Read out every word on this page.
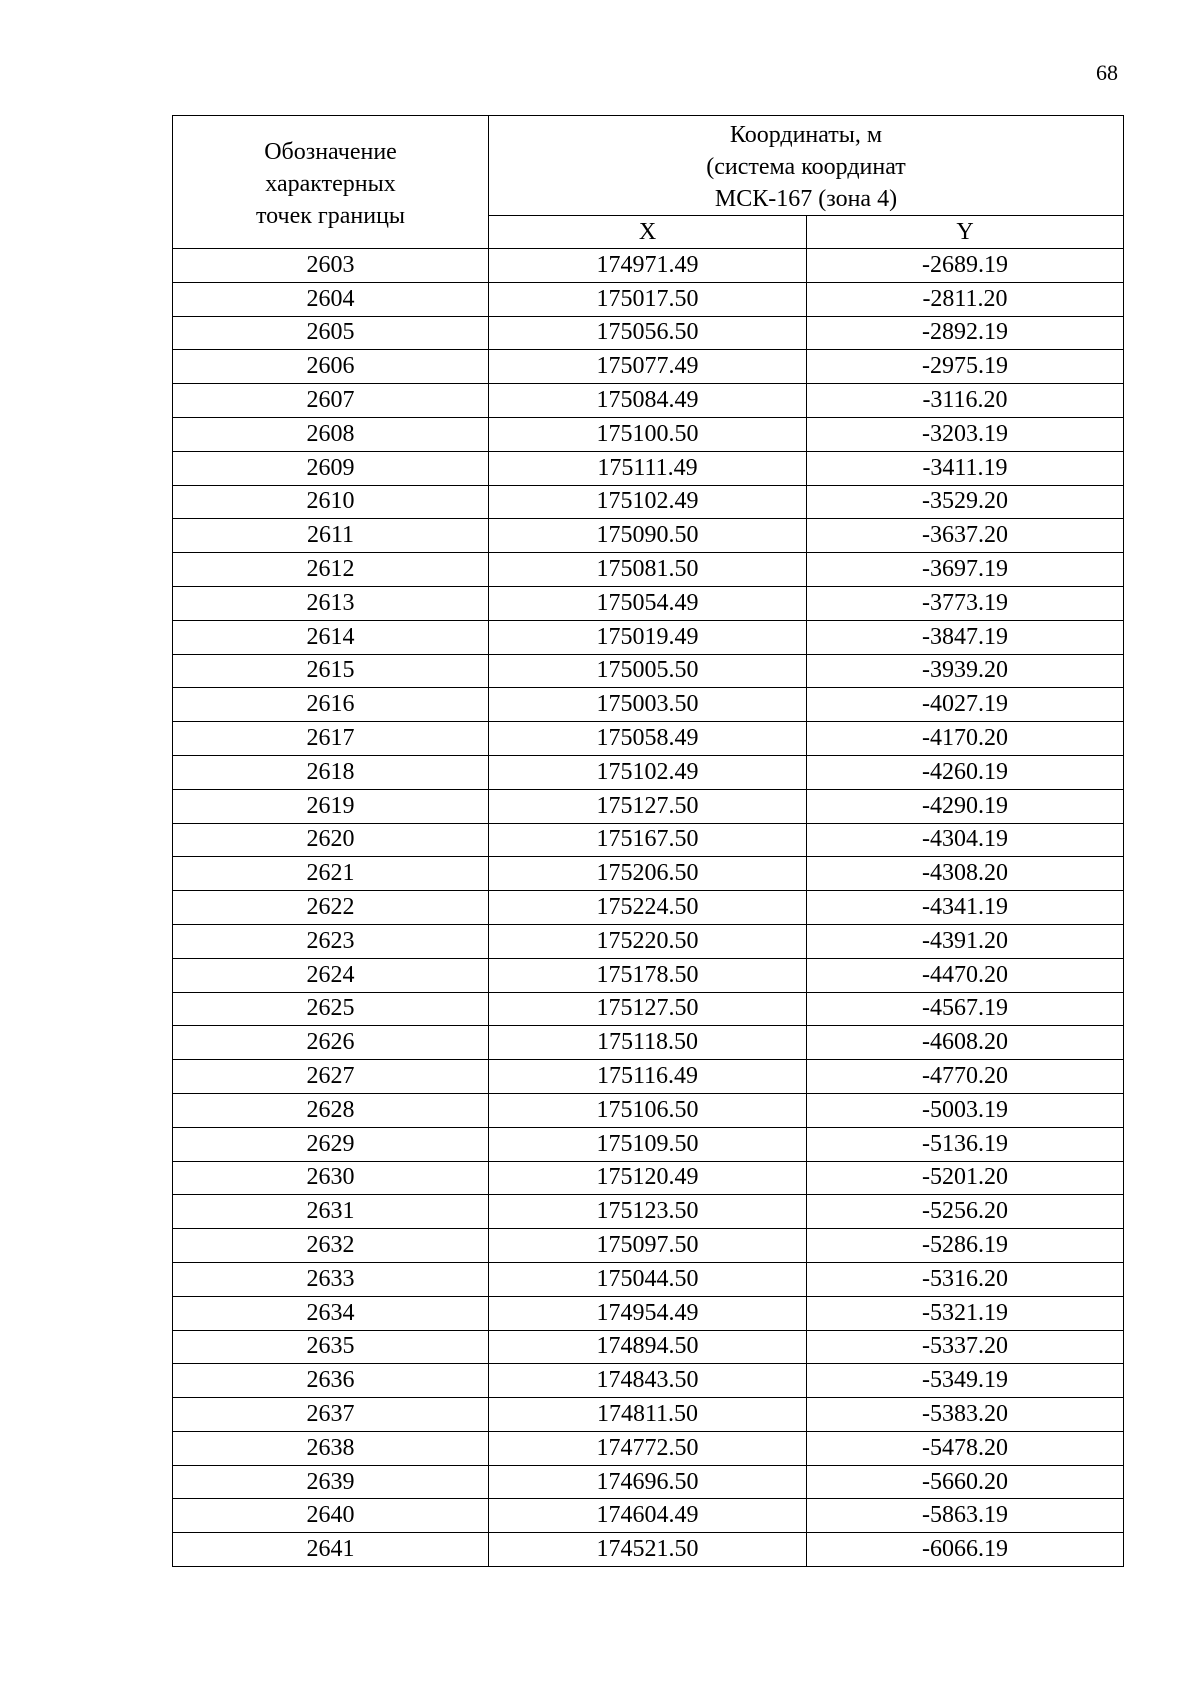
68
Обозначение
характерных
точек границы	Координаты, м
(система координат
МСК-167 (зона 4)	

	X	Y
2603	174971.49	-2689.19
2604	175017.50	-2811.20
2605	175056.50	-2892.19
2606	175077.49	-2975.19
2607	175084.49	-3116.20
2608	175100.50	-3203.19
2609	175111.49	-3411.19
2610	175102.49	-3529.20
2611	175090.50	-3637.20
2612	175081.50	-3697.19
2613	175054.49	-3773.19
2614	175019.49	-3847.19
2615	175005.50	-3939.20
2616	175003.50	-4027.19
2617	175058.49	-4170.20
2618	175102.49	-4260.19
2619	175127.50	-4290.19
2620	175167.50	-4304.19
2621	175206.50	-4308.20
2622	175224.50	-4341.19
2623	175220.50	-4391.20
2624	175178.50	-4470.20
2625	175127.50	-4567.19
2626	175118.50	-4608.20
2627	175116.49	-4770.20
2628	175106.50	-5003.19
2629	175109.50	-5136.19
2630	175120.49	-5201.20
2631	175123.50	-5256.20
2632	175097.50	-5286.19
2633	175044.50	-5316.20
2634	174954.49	-5321.19
2635	174894.50	-5337.20
2636	174843.50	-5349.19
2637	174811.50	-5383.20
2638	174772.50	-5478.20
2639	174696.50	-5660.20
2640	174604.49	-5863.19
2641	174521.50	-6066.19
